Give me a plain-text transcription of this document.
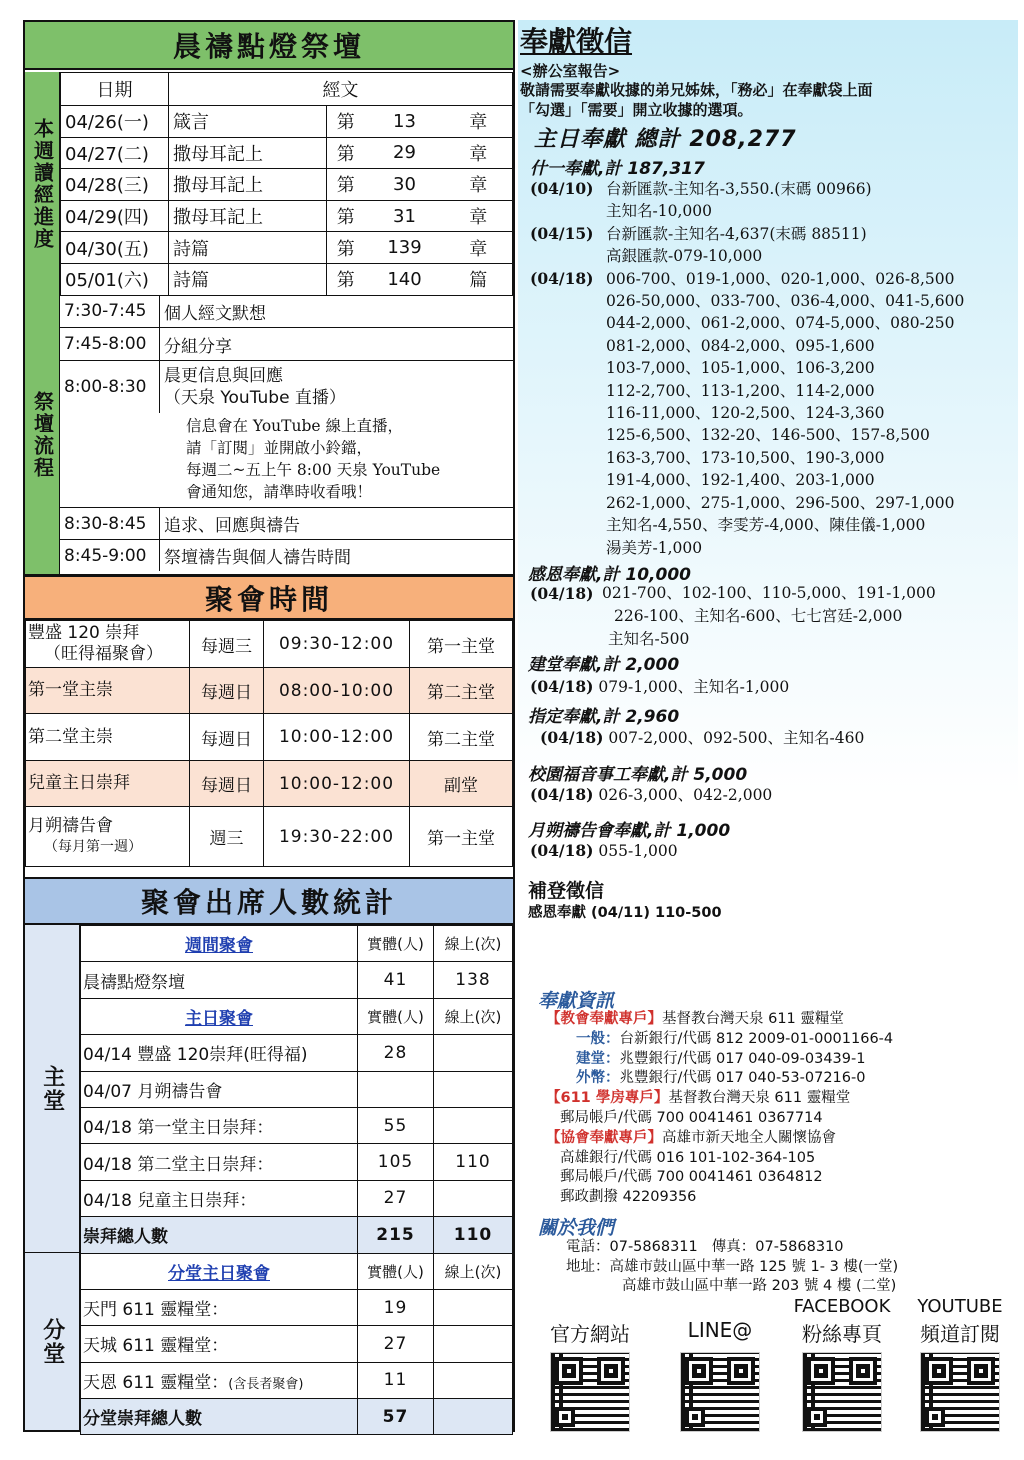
晨禱點燈祭壇
本週讀經進度
日期	經文			
04/26(一)	箴言	第	13	章
04/27(二)	撒母耳記上	第	29	章
04/28(三)	撒母耳記上	第	30	章
04/29(四)	撒母耳記上	第	31	章
04/30(五)	詩篇	第	139	章
05/01(六)	詩篇	第	140	篇
祭壇流程
7:30-7:45	個人經文默想
7:45-8:00	分組分享
8:00-8:30
晨更信息與回應
（天泉 YouTube 直播）
信息會在 YouTube 線上直播，
請「訂閱」並開啟小鈴鐺，
每週二~五上午 8:00 天泉 YouTube
會通知您，請準時收看哦！
8:30-8:45	追求、回應與禱告
8:45-9:00	祭壇禱告與個人禱告時間
聚會時間
豐盛 120 崇拜
（旺得福聚會）	每週三	09:30-12:00	第一主堂

第一堂主崇	每週日	08:00-10:00	第二主堂

第二堂主崇	每週日	10:00-12:00	第二主堂

兒童主日崇拜	每週日	10:00-12:00	副堂

月朔禱告會
（每月第一週）	週三	19:30-22:00	第一主堂
聚會出席人數統計
主堂
分堂
週間聚會	實體(人)	線上(次)
晨禱點燈祭壇	41	138
主日聚會	實體(人)	線上(次)
04/14 豐盛 120崇拜(旺得福)	28	
04/07 月朔禱告會		
04/18 第一堂主日崇拜：	55	
04/18 第二堂主日崇拜：	105	110
04/18 兒童主日崇拜：	27	
崇拜總人數	215	110
分堂主日聚會	實體(人)	線上(次)
天門 611 靈糧堂：	19	
天城 611 靈糧堂：	27	
天恩 611 靈糧堂：(含長者聚會)	11	
分堂崇拜總人數	57	
奉獻徵信
<辦公室報告>
敬請需要奉獻收據的弟兄姊妹，「務必」在奉獻袋上面
「勾選」「需要」開立收據的選項。
主日奉獻 總計 208,277
什一奉獻,計 187,317
(04/10) 台新匯款-主知名-3,550.(末碼 00966)
主知名-10,000
(04/15) 台新匯款-主知名-4,637(末碼 88511)
高銀匯款-079-10,000
(04/18) 006-700、019-1,000、020-1,000、026-8,500
026-50,000、033-700、036-4,000、041-5,600
044-2,000、061-2,000、074-5,000、080-250
081-2,000、084-2,000、095-1,600
103-7,000、105-1,000、106-3,200
112-2,700、113-1,200、114-2,000
116-11,000、120-2,500、124-3,360
125-6,500、132-20、146-500、157-8,500
163-3,700、173-10,500、190-3,000
191-4,000、192-1,400、203-1,000
262-1,000、275-1,000、296-500、297-1,000
主知名-4,550、李雯芳-4,000、陳佳儀-1,000
湯美芳-1,000
感恩奉獻,計 10,000
(04/18) 021-700、102-100、110-5,000、191-1,000
226-100、主知名-600、七七宮廷-2,000
主知名-500
建堂奉獻,計 2,000
(04/18) 079-1,000、主知名-1,000
指定奉獻,計 2,960
(04/18) 007-2,000、092-500、主知名-460
校園福音事工奉獻,計 5,000
(04/18) 026-3,000、042-2,000
月朔禱告會奉獻,計 1,000
(04/18) 055-1,000
補登徵信
感恩奉獻 (04/11) 110-500
奉獻資訊
【教會奉獻專戶】基督教台灣天泉 611 靈糧堂
一般：台新銀行/代碼 812 2009-01-0001166-4
建堂：兆豐銀行/代碼 017 040-09-03439-1
外幣：兆豐銀行/代碼 017 040-53-07216-0
【611 學房專戶】基督教台灣天泉 611 靈糧堂
郵局帳戶/代碼 700 0041461 0367714
【協會奉獻專戶】高雄市新天地全人關懷協會
高雄銀行/代碼 016 101-102-364-105
郵局帳戶/代碼 700 0041461 0364812
郵政劃撥 42209356
關於我們
電話：07-5868311 傳真：07-5868310
地址：高雄市鼓山區中華一路 125 號 1- 3 樓(一堂)
高雄市鼓山區中華一路 203 號 4 樓 (二堂)
官方網站	LINE@
FACEBOOK
粉絲專頁
YOUTUBE
頻道訂閱
